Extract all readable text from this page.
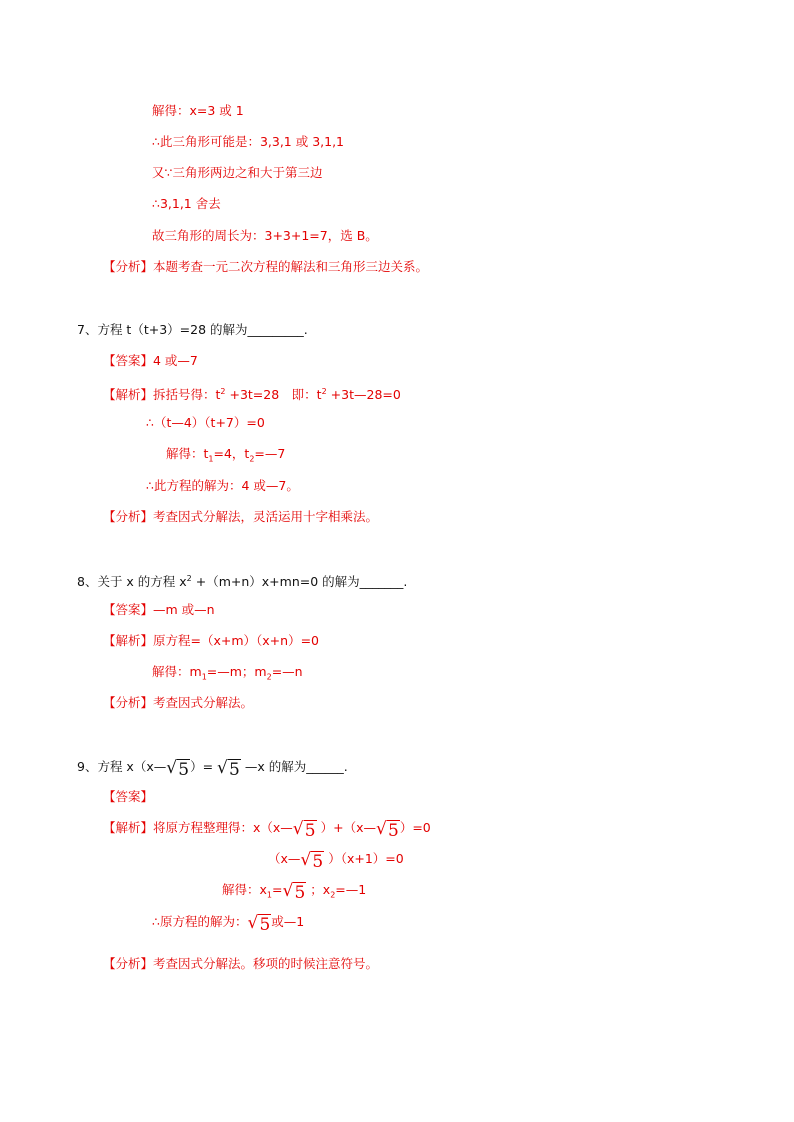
解得：x=3 或 1
∴此三角形可能是：3,3,1 或 3,1,1
又∵三角形两边之和大于第三边
∴3,1,1 舍去
故三角形的周长为：3+3+1=7，选 B。
【分析】本题考查一元二次方程的解法和三角形三边关系。
7、方程 t（t+3）=28 的解为_________.
【答案】4 或—7
【解析】拆括号得：$t^2 +3t=28$　即：$t^2$ +3t—28=0
∴（t—4）（t+7）=0
解得：$t_1=4$，$t_2=—7$
∴此方程的解为：4 或—7。
【分析】考查因式分解法，灵活运用十字相乘法。
8、关于 x 的方程 $x^2 +(m+n)x+mn=0$ 的解为_______.
【答案】—m 或—n
【解析】原方程=（x+m）（x+n）=0
解得：$m_1=—m$；$m_2=—n$
【分析】考查因式分解法。
9、方程 x（x—√ 5）= √ 5 —x 的解为______.
【答案】
【解析】将原方程整理得：x（x—√ 5 ）+（x—√ 5）=0
（x—√ 5 ）（x+1）=0
解得：$x_1=√$ 5 ；$x_2=—1$
∴原方程的解为：√ 5或—1
【分析】考查因式分解法。移项的时候注意符号。
